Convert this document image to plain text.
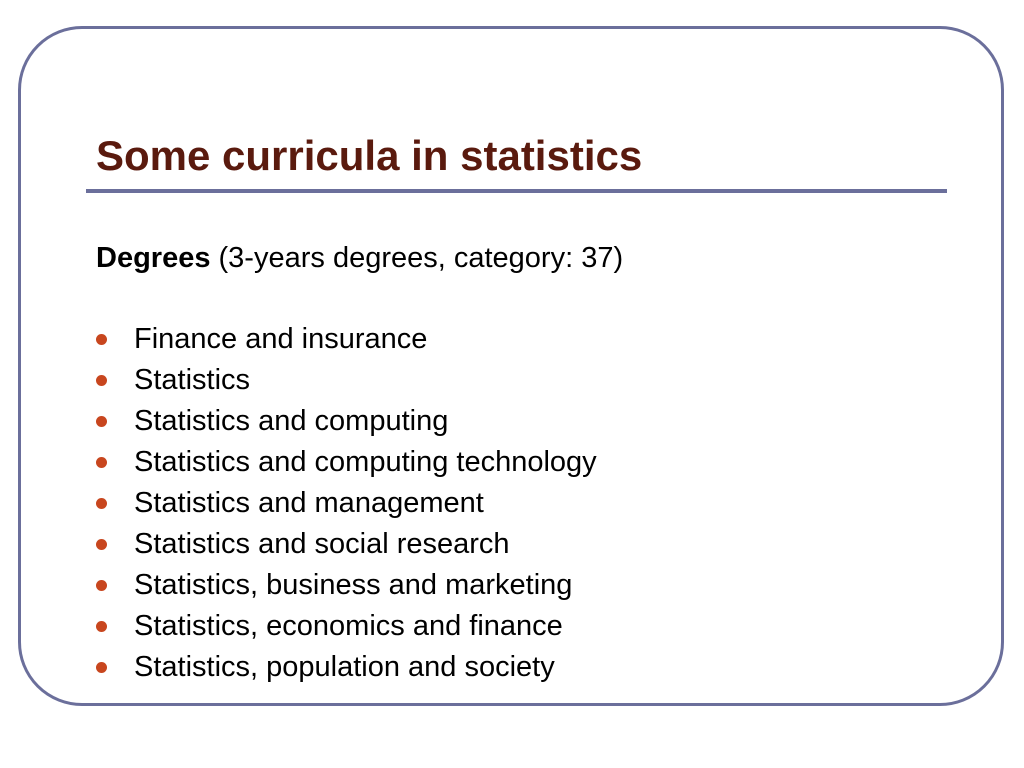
Some curricula in statistics

Degrees (3-years degrees, category: 37)

Finance and insurance
Statistics
Statistics and computing
Statistics and computing technology
Statistics and management
Statistics and social research
Statistics, business and marketing
Statistics, economics and finance
Statistics, population and society
